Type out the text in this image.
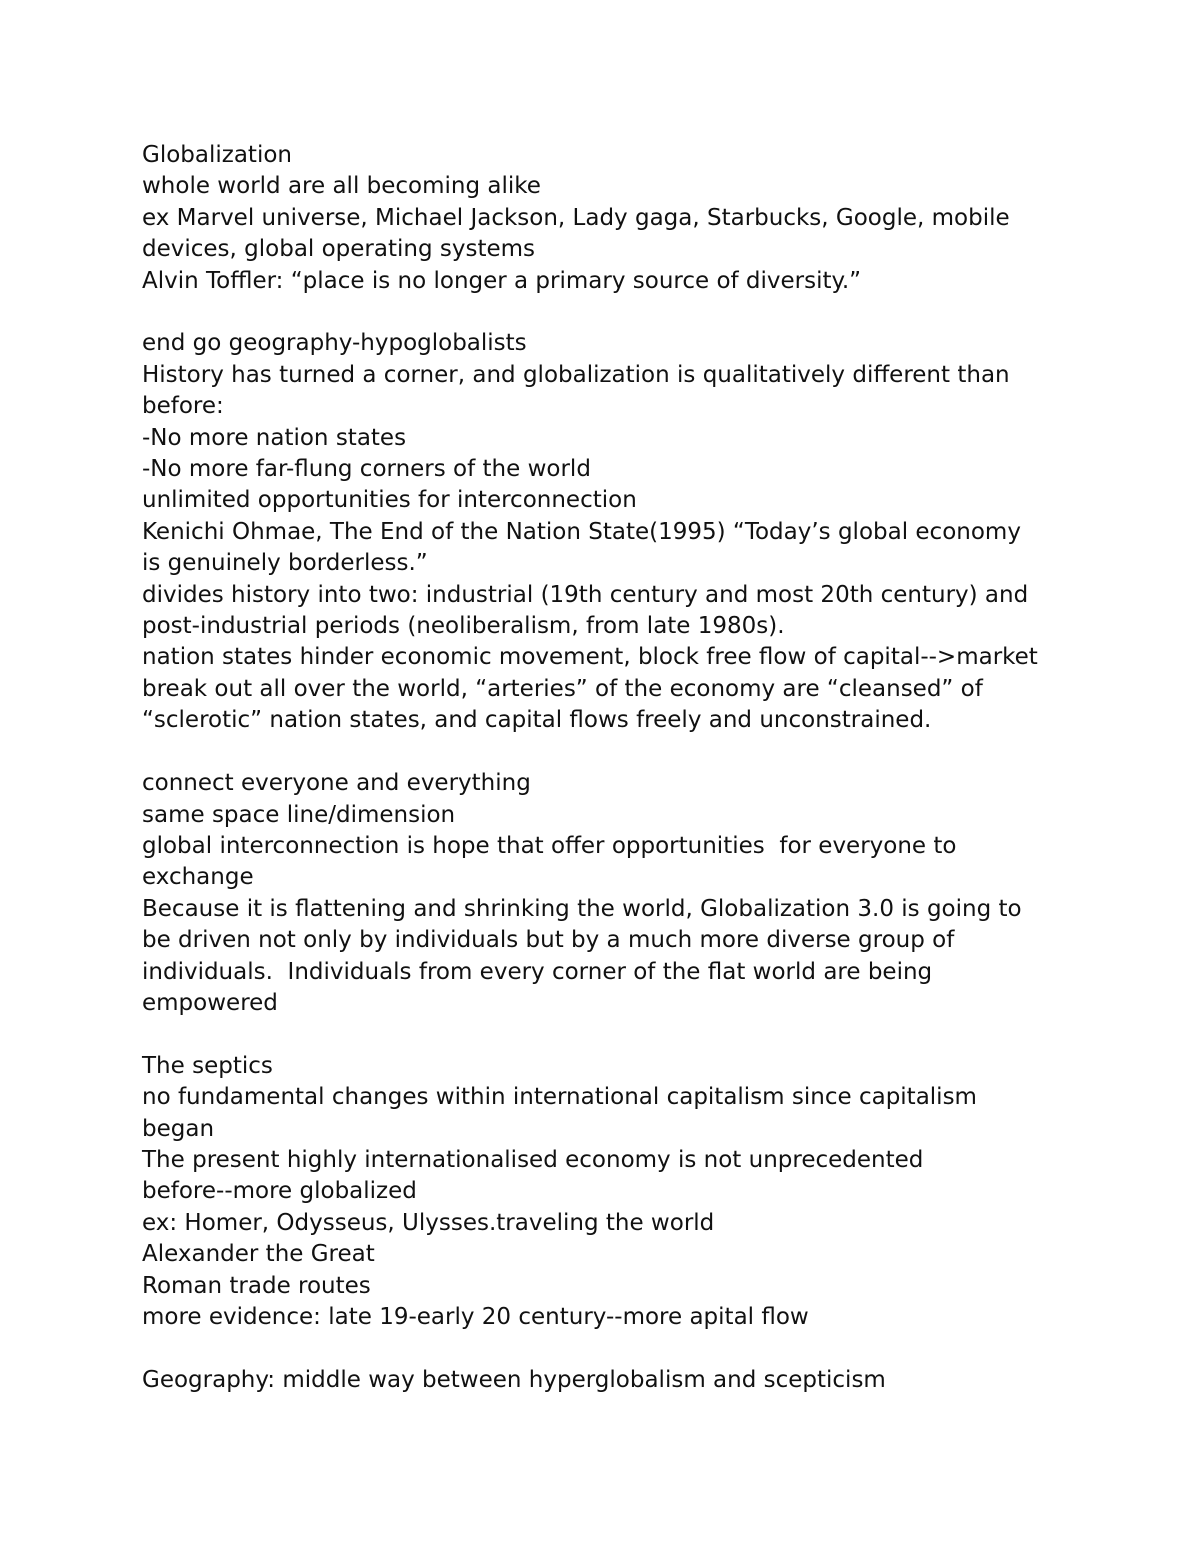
Globalization
whole world are all becoming alike
ex Marvel universe, Michael Jackson, Lady gaga, Starbucks, Google, mobile
devices, global operating systems
Alvin Toffler: “place is no longer a primary source of diversity.”
end go geography-hypoglobalists
History has turned a corner, and globalization is qualitatively different than
before:
-No more nation states
-No more far-flung corners of the world
unlimited opportunities for interconnection
Kenichi Ohmae, The End of the Nation State(1995) “Today’s global economy
is genuinely borderless.”
divides history into two: industrial (19th century and most 20th century) and
post-industrial periods (neoliberalism, from late 1980s).
nation states hinder economic movement, block free flow of capital-->market
break out all over the world, “arteries” of the economy are “cleansed” of
“sclerotic” nation states, and capital flows freely and unconstrained.
connect everyone and everything
same space line/dimension
global interconnection is hope that offer opportunities  for everyone to
exchange
Because it is flattening and shrinking the world, Globalization 3.0 is going to
be driven not only by individuals but by a much more diverse group of
individuals.  Individuals from every corner of the flat world are being
empowered
The septics
no fundamental changes within international capitalism since capitalism
began
The present highly internationalised economy is not unprecedented
before--more globalized
ex: Homer, Odysseus, Ulysses.traveling the world
Alexander the Great
Roman trade routes
more evidence: late 19-early 20 century--more apital flow
Geography: middle way between hyperglobalism and scepticism
